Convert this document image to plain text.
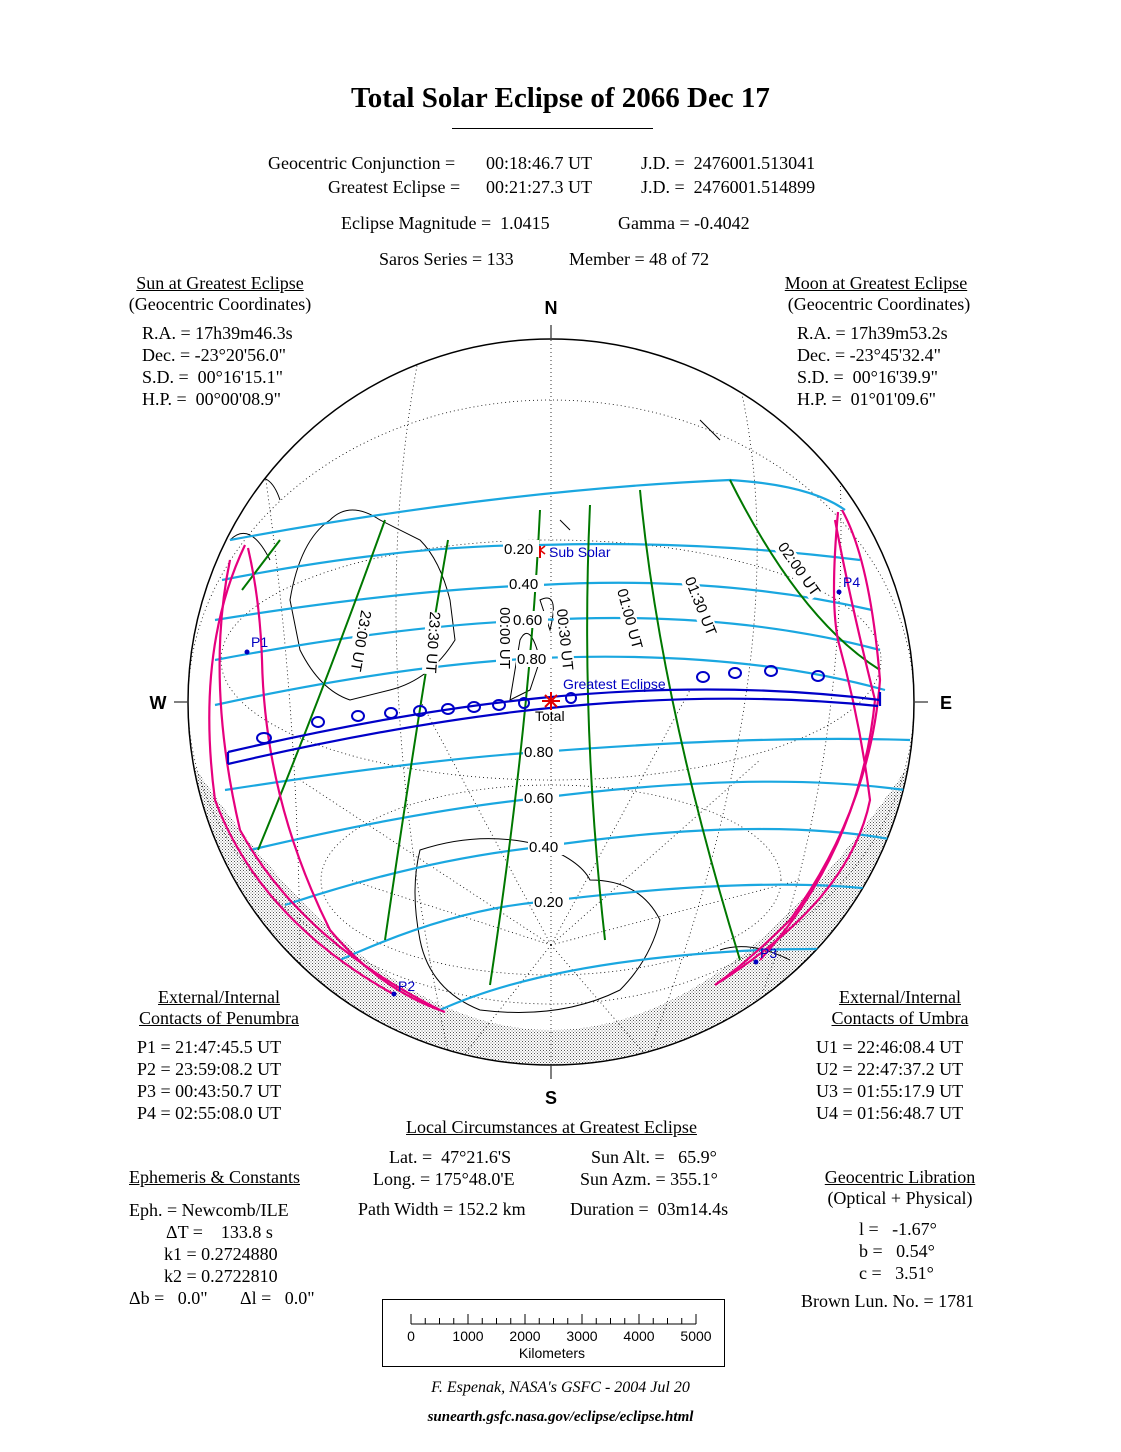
Total Solar Eclipse of 2066 Dec 17
Geocentric Conjunction = 00:18:46.7 UT	J.D. =  2476001.513041
Greatest Eclipse = 00:21:27.3 UT	J.D. =  2476001.514899
Eclipse Magnitude =  1.0415	Gamma = -0.4042
Saros Series = 133	Member = 48 of 72
Sun at Greatest Eclipse
(Geocentric Coordinates)
R.A. = 17h39m46.3s
Dec. = -23°20'56.0"
S.D. =  00°16'15.1"
H.P. =  00°00'08.9"
Moon at Greatest Eclipse
(Geocentric Coordinates)
R.A. = 17h39m53.2s
Dec. = -23°45'32.4"
S.D. =  00°16'39.9"
H.P. =  01°01'09.6"
N
S
W	E
0.20
0.40
0.60
0.80
0.80
0.60
0.40
0.20
23:00 UT	23:30 UT	00:00 UT	00:30 UT 01:00 UT 01:30 UT
02:00 UT
Sub Solar
Greatest Eclipse
Total
P1
P2
P3
P4
External/Internal
Contacts of Penumbra
P1 = 21:47:45.5 UT
P2 = 23:59:08.2 UT
P3 = 00:43:50.7 UT
P4 = 02:55:08.0 UT
External/Internal
Contacts of Umbra
U1 = 22:46:08.4 UT
U2 = 22:47:37.2 UT
U3 = 01:55:17.9 UT
U4 = 01:56:48.7 UT
Local Circumstances at Greatest Eclipse
Lat. =  47°21.6'S
Long. = 175°48.0'E
Sun Alt. =   65.9°
Sun Azm. = 355.1°
Path Width = 152.2 km Duration =  03m14.4s
Ephemeris & Constants
Eph. = Newcomb/ILE
ΔT =    133.8 s
k1 = 0.2724880
k2 = 0.2722810
Δb =   0.0" Δl =   0.0"
Geocentric Libration
(Optical + Physical)
l =   -1.67°
b =   0.54°
c =   3.51°
Brown Lun. No. = 1781
0	1000 2000 3000 4000 5000
Kilometers
F. Espenak, NASA's GSFC - 2004 Jul 20
sunearth.gsfc.nasa.gov/eclipse/eclipse.html
